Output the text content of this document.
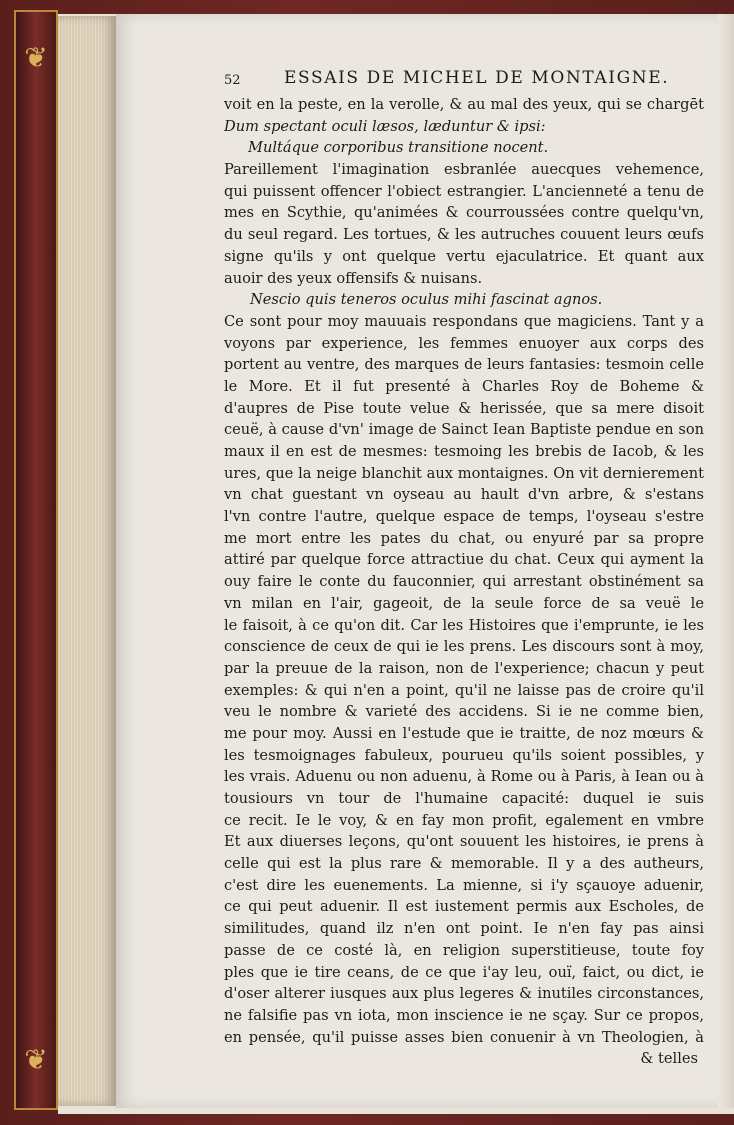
❦
❦
52	ESSAIS DE MICHEL DE MONTAIGNE.
voit en la peste, en la verolle, & au mal des yeux, qui se chargēt
Dum spectant oculi læsos, læduntur & ipsi:
Multáque corporibus transitione nocent.
Pareillement l'imagination esbranlée auecques vehemence,
qui puissent offencer l'obiect estrangier. L'ancienneté a tenu de
mes en Scythie, qu'animées & courroussées contre quelqu'vn,
du seul regard. Les tortues, & les autruches couuent leurs œufs
signe qu'ils y ont quelque vertu ejaculatrice. Et quant aux
auoir des yeux offensifs & nuisans.
Nescio quis teneros oculus mihi fascinat agnos.
Ce sont pour moy mauuais respondans que magiciens. Tant y a
voyons par experience, les femmes enuoyer aux corps des
portent au ventre, des marques de leurs fantasies: tesmoin celle
le More. Et il fut presenté à Charles Roy de Boheme &
d'aupres de Pise toute velue & herissée, que sa mere disoit
ceuë, à cause d'vn' image de Sainct Iean Baptiste pendue en son
maux il en est de mesmes: tesmoing les brebis de Iacob, & les
ures, que la neige blanchit aux montaignes. On vit dernierement
vn chat guestant vn oyseau au hault d'vn arbre, & s'estans
l'vn contre l'autre, quelque espace de temps, l'oyseau s'estre
me mort entre les pates du chat, ou enyuré par sa propre
attiré par quelque force attractiue du chat. Ceux qui ayment la
ouy faire le conte du fauconnier, qui arrestant obstinément sa
vn milan en l'air, gageoit, de la seule force de sa veuë le
le faisoit, à ce qu'on dit. Car les Histoires que i'emprunte, ie les
conscience de ceux de qui ie les prens. Les discours sont à moy,
par la preuue de la raison, non de l'experience; chacun y peut
exemples: & qui n'en a point, qu'il ne laisse pas de croire qu'il
veu le nombre & varieté des accidens. Si ie ne comme bien,
me pour moy. Aussi en l'estude que ie traitte, de noz mœurs &
les tesmoignages fabuleux, pourueu qu'ils soient possibles, y
les vrais. Aduenu ou non aduenu, à Rome ou à Paris, à Iean ou à
tousiours vn tour de l'humaine capacité: duquel ie suis
ce recit. Ie le voy, & en fay mon profit, egalement en vmbre
Et aux diuerses leçons, qu'ont souuent les histoires, ie prens à
celle qui est la plus rare & memorable. Il y a des autheurs,
c'est dire les euenements. La mienne, si i'y sçauoye aduenir,
ce qui peut aduenir. Il est iustement permis aux Escholes, de
similitudes, quand ilz n'en ont point. Ie n'en fay pas ainsi
passe de ce costé là, en religion superstitieuse, toute foy
ples que ie tire ceans, de ce que i'ay leu, ouï, faict, ou dict, ie
d'oser alterer iusques aux plus legeres & inutiles circonstances,
ne falsifie pas vn iota, mon inscience ie ne sçay. Sur ce propos,
en pensée, qu'il puisse asses bien conuenir à vn Theologien, à
& telles
